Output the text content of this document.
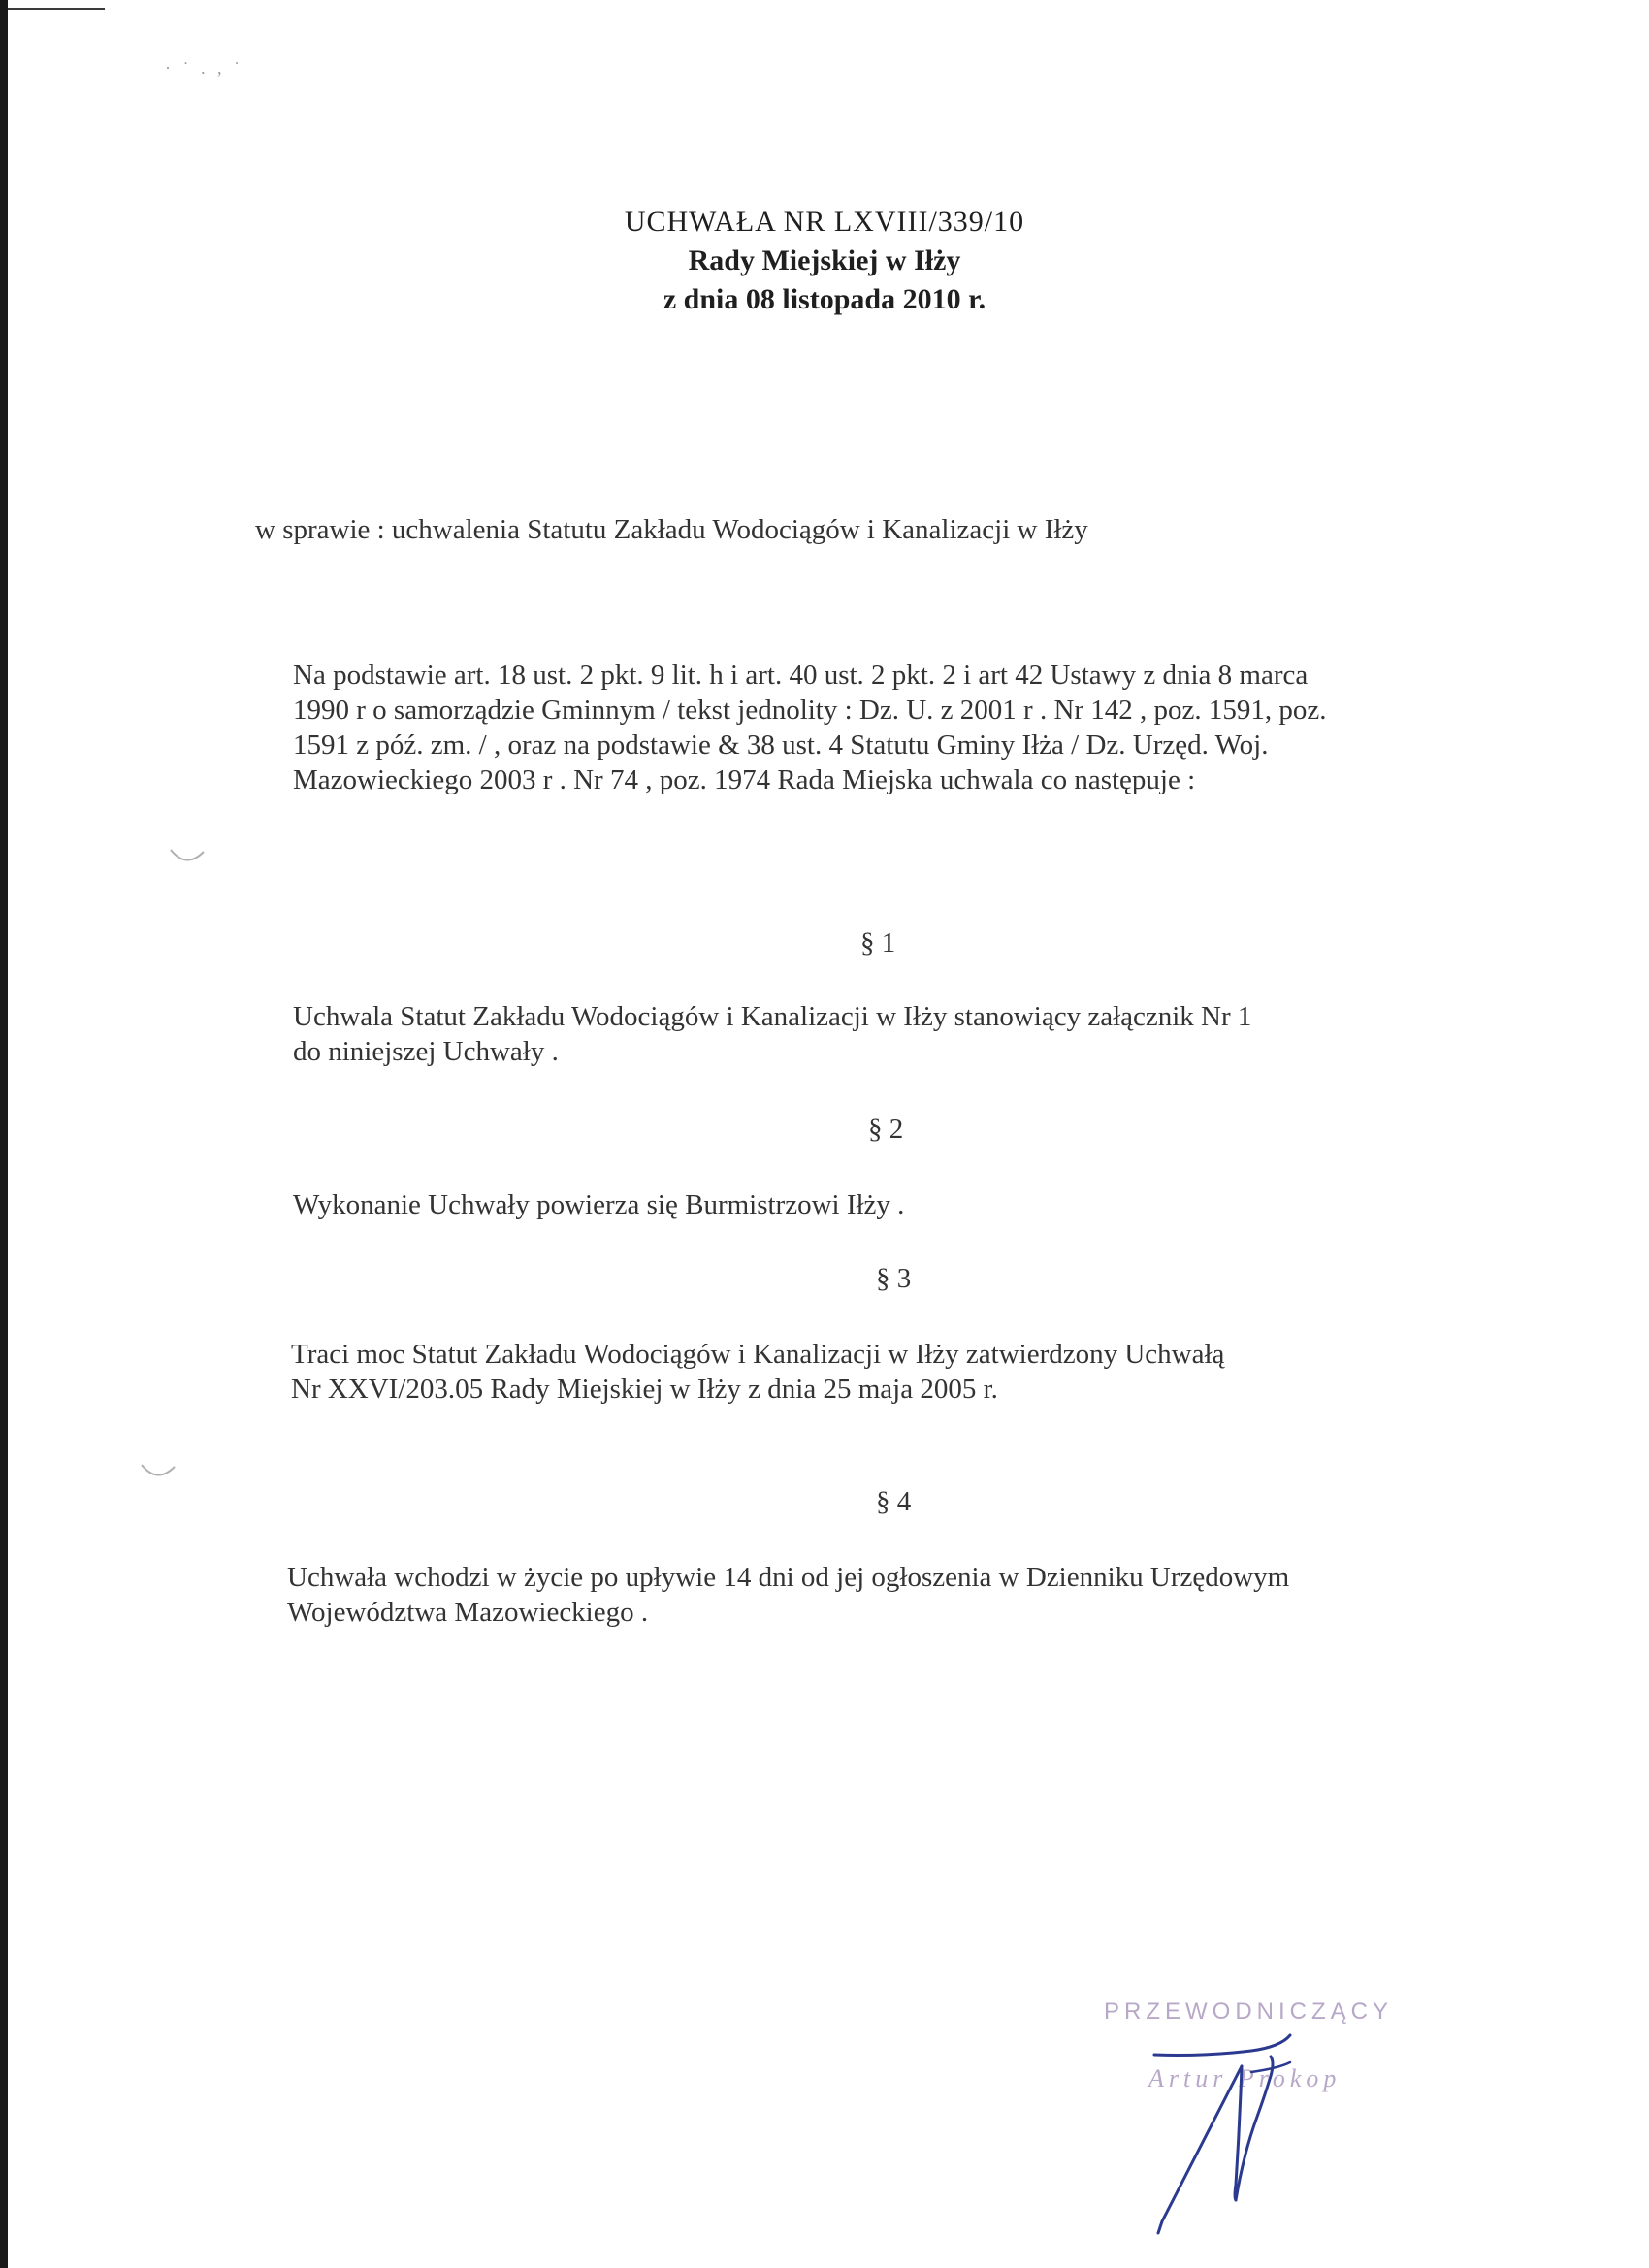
· ˙ . , ˙
UCHWAŁA NR LXVIII/339/10
Rady Miejskiej w Iłży
z dnia 08 listopada 2010 r.
w sprawie : uchwalenia Statutu Zakładu Wodociągów i Kanalizacji w Iłży
Na podstawie art. 18 ust. 2 pkt. 9 lit. h i art. 40 ust. 2 pkt. 2 i art 42 Ustawy z dnia 8 marca
1990 r o samorządzie Gminnym / tekst jednolity : Dz. U. z 2001 r . Nr 142 , poz. 1591, poz.
1591 z póź. zm. / , oraz na podstawie & 38 ust. 4 Statutu Gminy Iłża / Dz. Urzęd. Woj.
Mazowieckiego 2003 r . Nr 74 , poz. 1974 Rada Miejska uchwala co następuje :
§ 1
Uchwala Statut Zakładu Wodociągów i Kanalizacji w Iłży stanowiący załącznik Nr 1
do niniejszej Uchwały .
§ 2
Wykonanie Uchwały powierza się Burmistrzowi Iłży .
§ 3
Traci moc Statut Zakładu Wodociągów i Kanalizacji w Iłży zatwierdzony Uchwałą
Nr XXVI/203.05 Rady Miejskiej w Iłży z dnia 25 maja 2005 r.
§ 4
Uchwała wchodzi w życie po upływie 14 dni od jej ogłoszenia w Dzienniku Urzędowym
Województwa Mazowieckiego .
PRZEWODNICZĄCY
Artur Prokop
